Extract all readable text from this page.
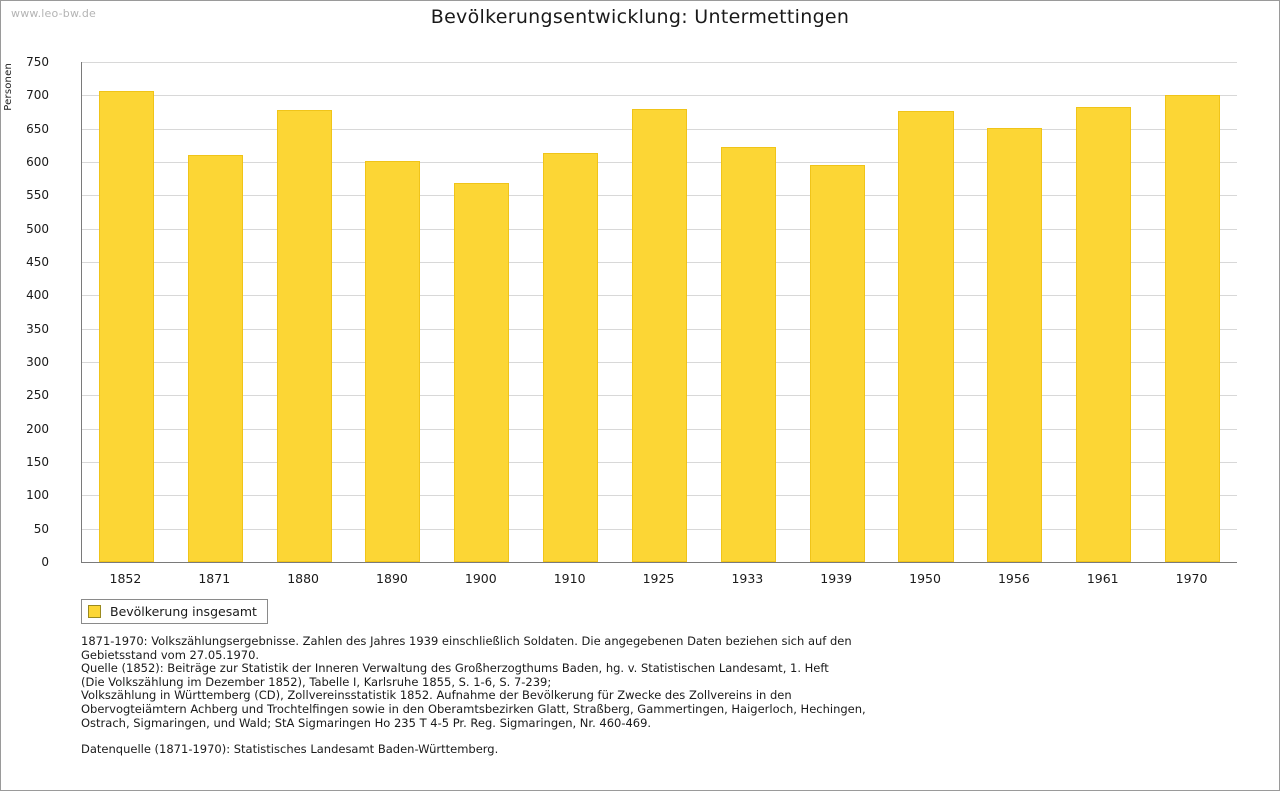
www.leo-bw.de	Bevölkerungsentwicklung: Untermettingen
Personen
0
50
100
150
200
250
300
350
400
450
500
550
600
650
700
750
1852	1871	1880	1890	1900	1910	1925	1933	1939	1950	1956	1961	1970
Bevölkerung insgesamt
1871-1970: Volkszählungsergebnisse. Zahlen des Jahres 1939 einschließlich Soldaten. Die angegebenen Daten beziehen sich auf den
Gebietsstand vom 27.05.1970.
Quelle (1852): Beiträge zur Statistik der Inneren Verwaltung des Großherzogthums Baden, hg. v. Statistischen Landesamt, 1. Heft
(Die Volkszählung im Dezember 1852), Tabelle I, Karlsruhe 1855, S. 1-6, S. 7-239;
Volkszählung in Württemberg (CD), Zollvereinsstatistik 1852. Aufnahme der Bevölkerung für Zwecke des Zollvereins in den
Obervogteiämtern Achberg und Trochtelfingen sowie in den Oberamtsbezirken Glatt, Straßberg, Gammertingen, Haigerloch, Hechingen,
Ostrach, Sigmaringen, und Wald; StA Sigmaringen Ho 235 T 4-5 Pr. Reg. Sigmaringen, Nr. 460-469.
Datenquelle (1871-1970): Statistisches Landesamt Baden-Württemberg.
